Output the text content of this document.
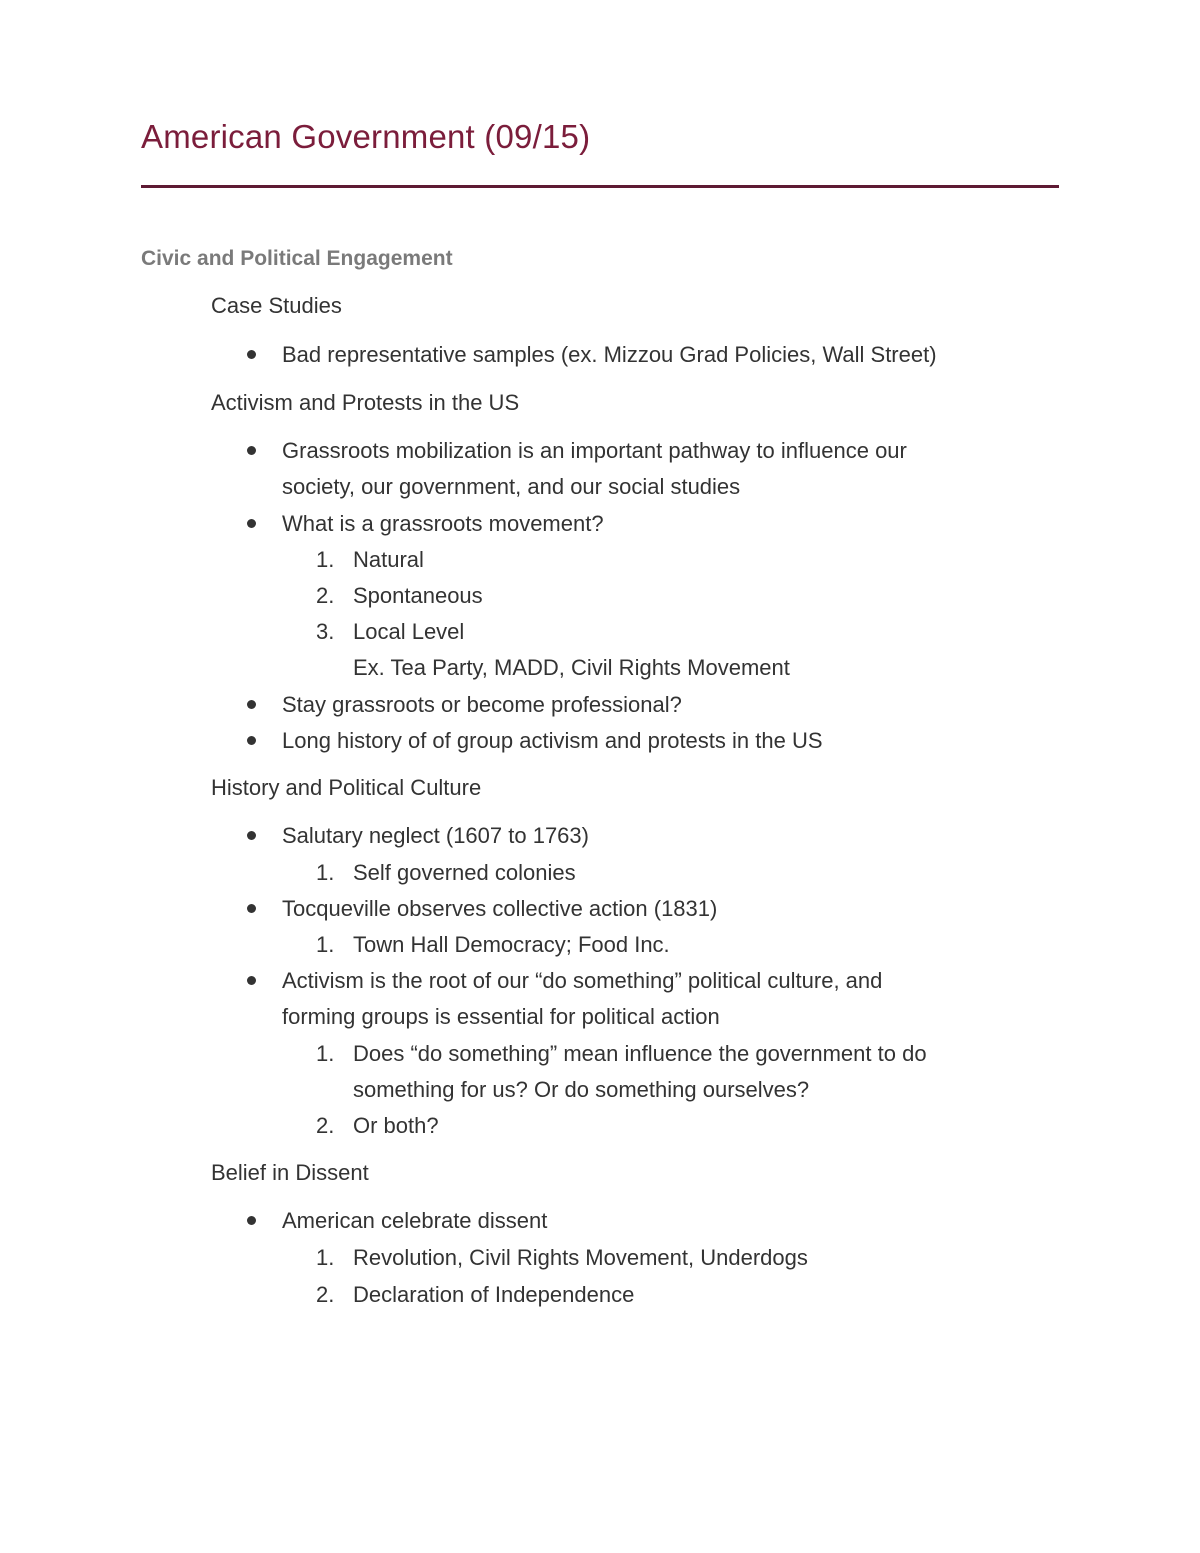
American Government (09/15)
Civic and Political Engagement
Case Studies
Bad representative samples (ex. Mizzou Grad Policies, Wall Street)
Activism and Protests in the US
Grassroots mobilization is an important pathway to influence our
society, our government, and our social studies
What is a grassroots movement?
1. Natural
2. Spontaneous
3. Local Level
Ex. Tea Party, MADD, Civil Rights Movement
Stay grassroots or become professional?
Long history of of group activism and protests in the US
History and Political Culture
Salutary neglect (1607 to 1763)
1. Self governed colonies
Tocqueville observes collective action (1831)
1. Town Hall Democracy; Food Inc.
Activism is the root of our “do something” political culture, and
forming groups is essential for political action
1. Does “do something” mean influence the government to do
something for us? Or do something ourselves?
2. Or both?
Belief in Dissent
American celebrate dissent
1. Revolution, Civil Rights Movement, Underdogs
2. Declaration of Independence
